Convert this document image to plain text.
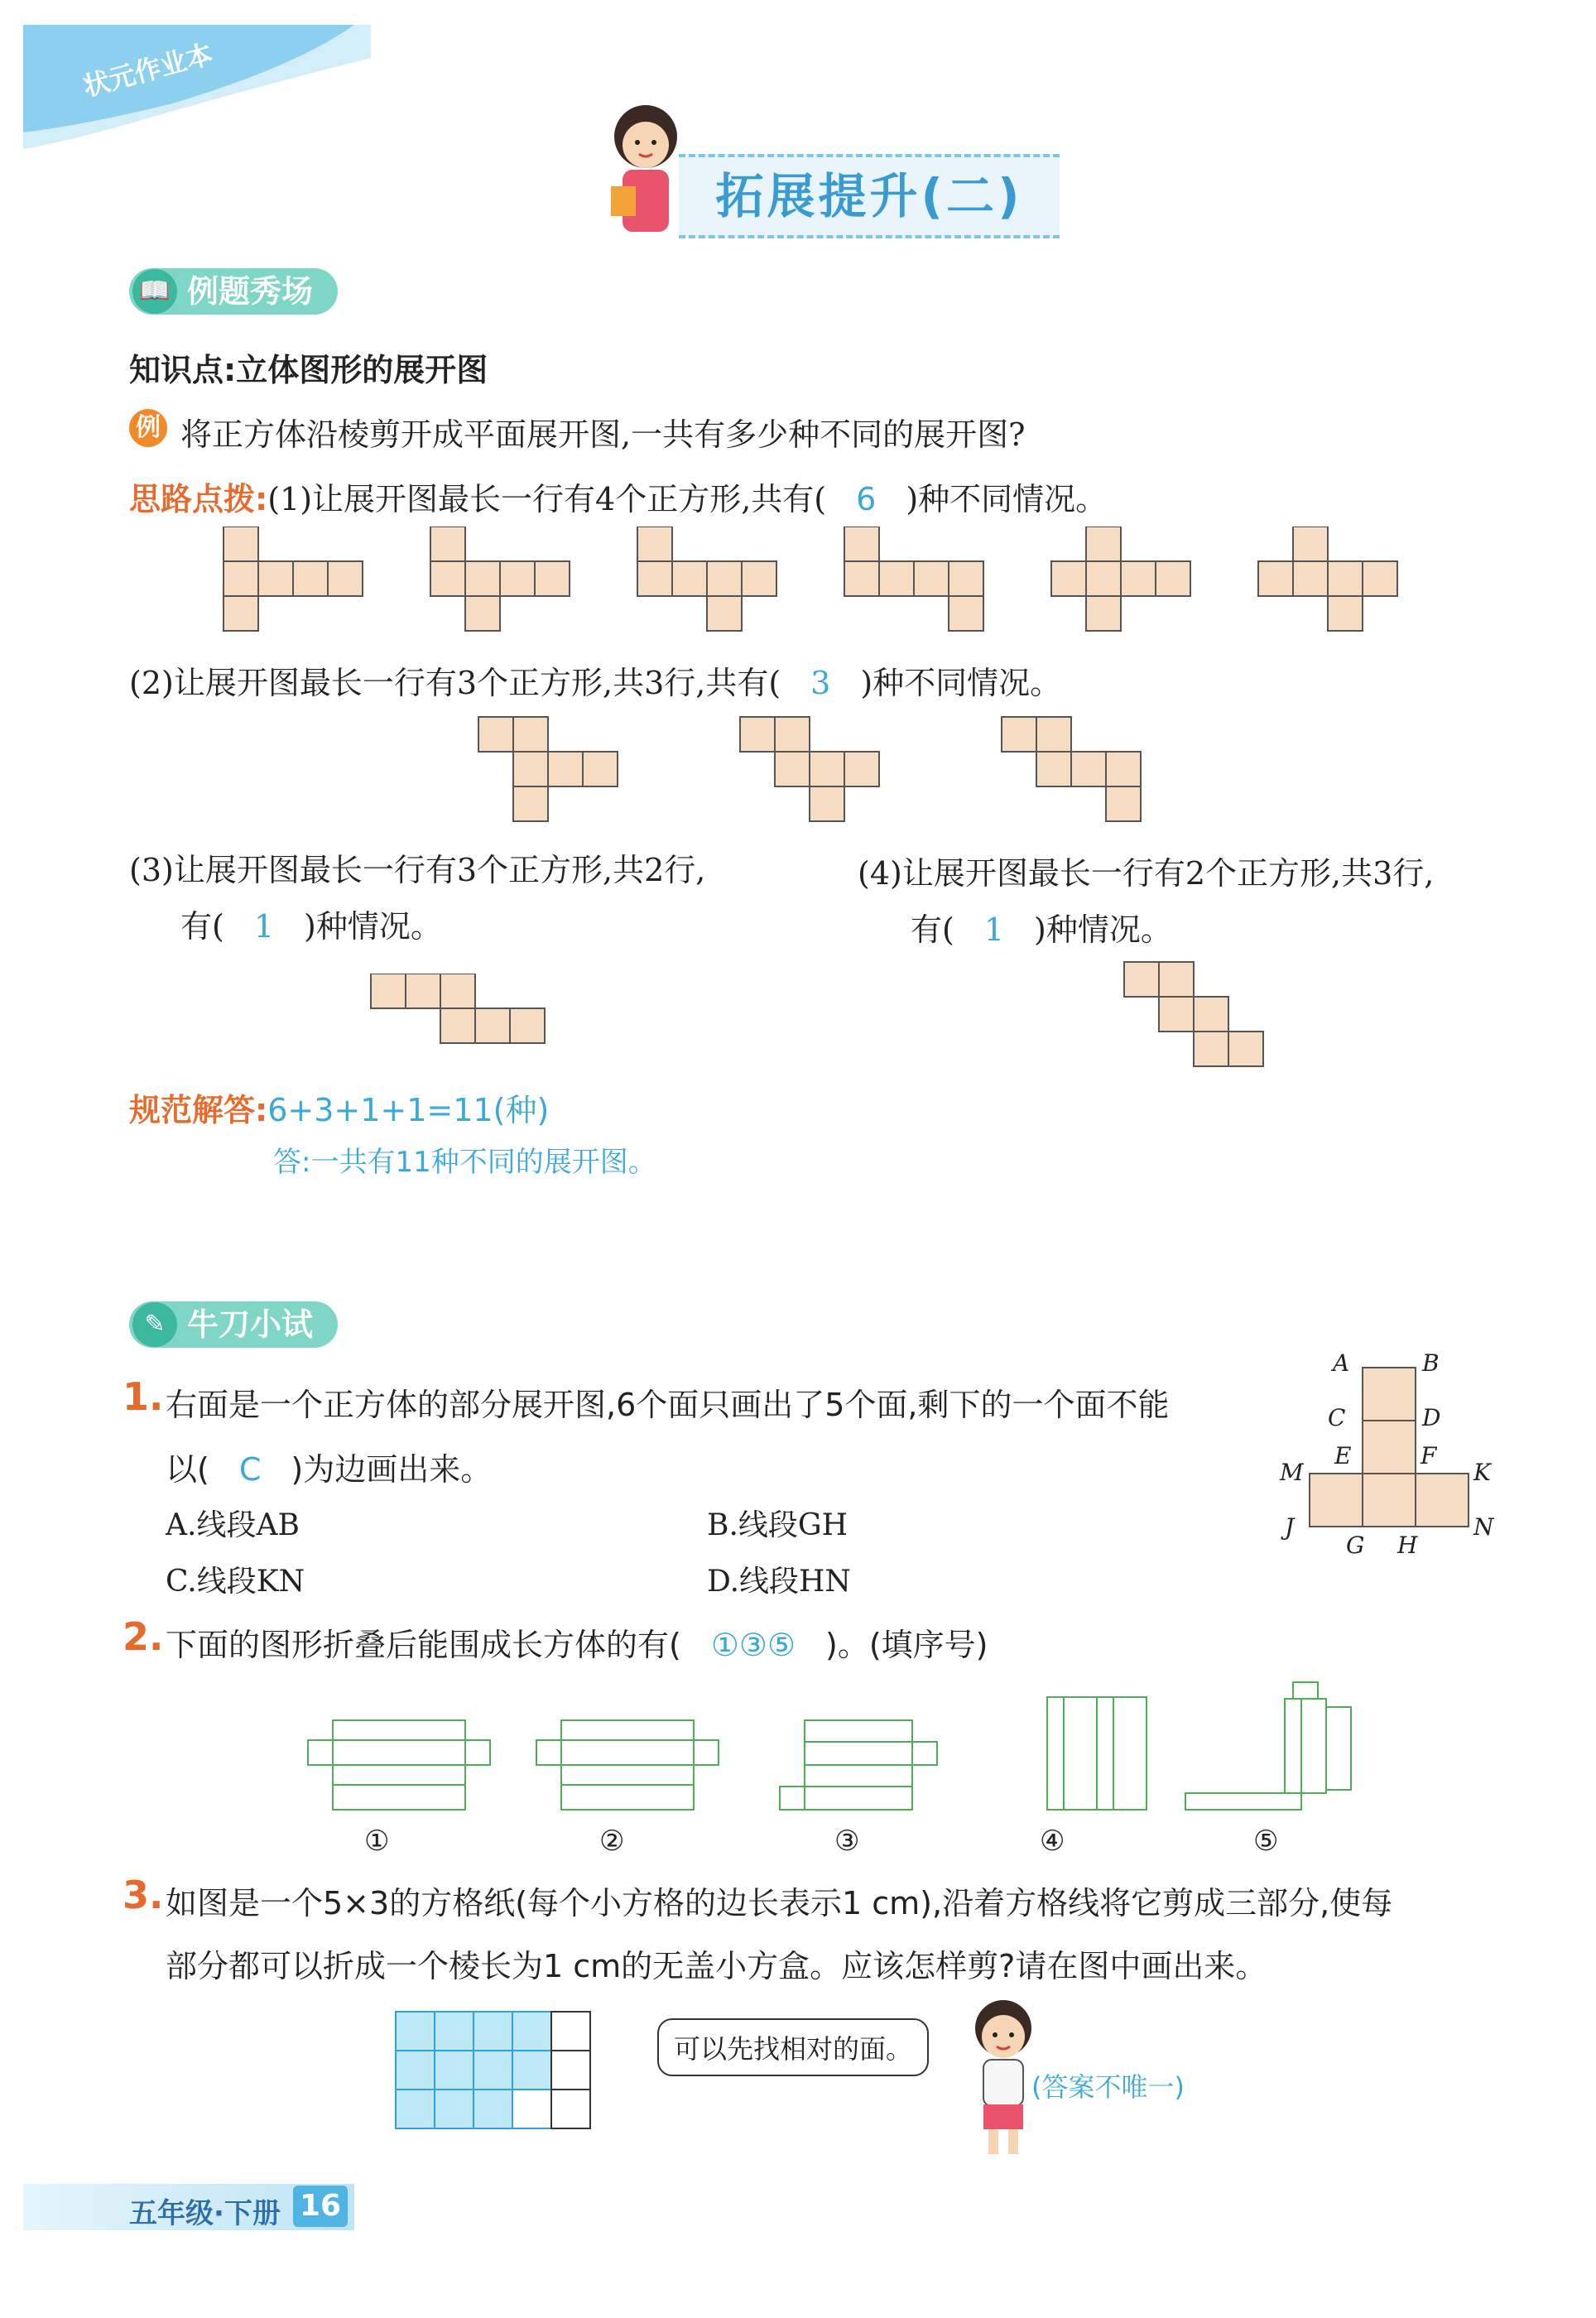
状元作业本
拓展提升(二)
📖 例题秀场
知识点:立体图形的展开图
例 将正方体沿棱剪开成平面展开图,一共有多少种不同的展开图?
思路点拨:(1)让展开图最长一行有4个正方形,共有( 6 )种不同情况。
(2)让展开图最长一行有3个正方形,共3行,共有( 3 )种不同情况。
(3)让展开图最长一行有3个正方形,共2行,
有( 1 )种情况。
(4)让展开图最长一行有2个正方形,共3行,
有( 1 )种情况。
规范解答:6+3+1+1=11(种)
答:一共有11种不同的展开图。
✎ 牛刀小试
1. 右面是一个正方体的部分展开图,6个面只画出了5个面,剩下的一个面不能
以( C )为边画出来。
A.线段AB	B.线段GH
C.线段KN	D.线段HN
A	B
C	D
E	F
M	K
J	N
G H
2. 下面的图形折叠后能围成长方体的有( ①③⑤ )。(填序号)
①	②	③	④	⑤
3. 如图是一个5×3的方格纸(每个小方格的边长表示1 cm),沿着方格线将它剪成三部分,使每
部分都可以折成一个棱长为1 cm的无盖小方盒。应该怎样剪?请在图中画出来。
可以先找相对的面。
(答案不唯一)
五年级·下册 16
